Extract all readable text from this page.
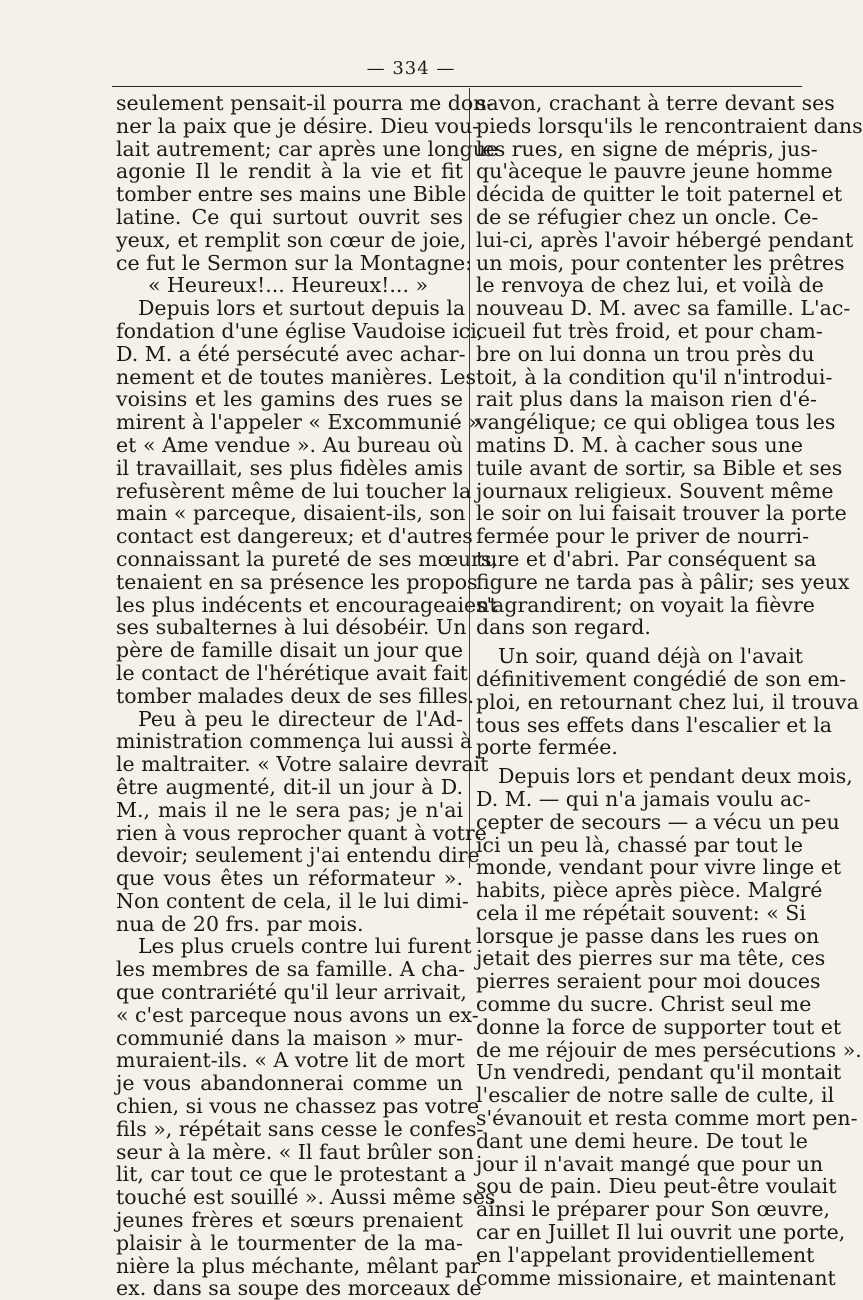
— 334 —
seulement pensait-il pourra me don-
ner la paix que je désire. Dieu vou-
lait autrement; car après une longue
agonie Il le rendit à la vie et fit
tomber entre ses mains une Bible
latine. Ce qui surtout ouvrit ses
yeux, et remplit son cœur de joie,
ce fut le Sermon sur la Montagne:
« Heureux!... Heureux!... »
Depuis lors et surtout depuis la
fondation d'une église Vaudoise ici,
D. M. a été persécuté avec achar-
nement et de toutes manières. Les
voisins et les gamins des rues se
mirent à l'appeler « Excommunié »
et « Ame vendue ». Au bureau où
il travaillait, ses plus fidèles amis
refusèrent même de lui toucher la
main « parceque, disaient-ils, son
contact est dangereux; et d'autres
connaissant la pureté de ses mœurs,
tenaient en sa présence les propos
les plus indécents et encourageaient
ses subalternes à lui désobéir. Un
père de famille disait un jour que
le contact de l'hérétique avait fait
tomber malades deux de ses filles.
Peu à peu le directeur de l'Ad-
ministration commença lui aussi à
le maltraiter. « Votre salaire devrait
être augmenté, dit-il un jour à D.
M., mais il ne le sera pas; je n'ai
rien à vous reprocher quant à votre
devoir; seulement j'ai entendu dire
que vous êtes un réformateur ».
Non content de cela, il le lui dimi-
nua de 20 frs. par mois.
Les plus cruels contre lui furent
les membres de sa famille. A cha-
que contrariété qu'il leur arrivait,
« c'est parceque nous avons un ex-
communié dans la maison » mur-
muraient-ils. « A votre lit de mort
je vous abandonnerai comme un
chien, si vous ne chassez pas votre
fils », répétait sans cesse le confes-
seur à la mère. « Il faut brûler son
lit, car tout ce que le protestant a
touché est souillé ». Aussi même ses
jeunes frères et sœurs prenaient
plaisir à le tourmenter de la ma-
nière la plus méchante, mêlant par
ex. dans sa soupe des morceaux de
savon, crachant à terre devant ses
pieds lorsqu'ils le rencontraient dans
les rues, en signe de mépris, jus-
qu'àceque le pauvre jeune homme
décida de quitter le toit paternel et
de se réfugier chez un oncle. Ce-
lui-ci, après l'avoir hébergé pendant
un mois, pour contenter les prêtres
le renvoya de chez lui, et voilà de
nouveau D. M. avec sa famille. L'ac-
cueil fut très froid, et pour cham-
bre on lui donna un trou près du
toit, à la condition qu'il n'introdui-
rait plus dans la maison rien d'é-
vangélique; ce qui obligea tous les
matins D. M. à cacher sous une
tuile avant de sortir, sa Bible et ses
journaux religieux. Souvent même
le soir on lui faisait trouver la porte
fermée pour le priver de nourri-
ture et d'abri. Par conséquent sa
figure ne tarda pas à pâlir; ses yeux
s'agrandirent; on voyait la fièvre
dans son regard.
Un soir, quand déjà on l'avait
définitivement congédié de son em-
ploi, en retournant chez lui, il trouva
tous ses effets dans l'escalier et la
porte fermée.
Depuis lors et pendant deux mois,
D. M. — qui n'a jamais voulu ac-
cepter de secours — a vécu un peu
ici un peu là, chassé par tout le
monde, vendant pour vivre linge et
habits, pièce après pièce. Malgré
cela il me répétait souvent: « Si
lorsque je passe dans les rues on
jetait des pierres sur ma tête, ces
pierres seraient pour moi douces
comme du sucre. Christ seul me
donne la force de supporter tout et
de me réjouir de mes persécutions ».
Un vendredi, pendant qu'il montait
l'escalier de notre salle de culte, il
s'évanouit et resta comme mort pen-
dant une demi heure. De tout le
jour il n'avait mangé que pour un
sou de pain. Dieu peut-être voulait
ainsi le préparer pour Son œuvre,
car en Juillet Il lui ouvrit une porte,
en l'appelant providentiellement
comme missionaire, et maintenant
